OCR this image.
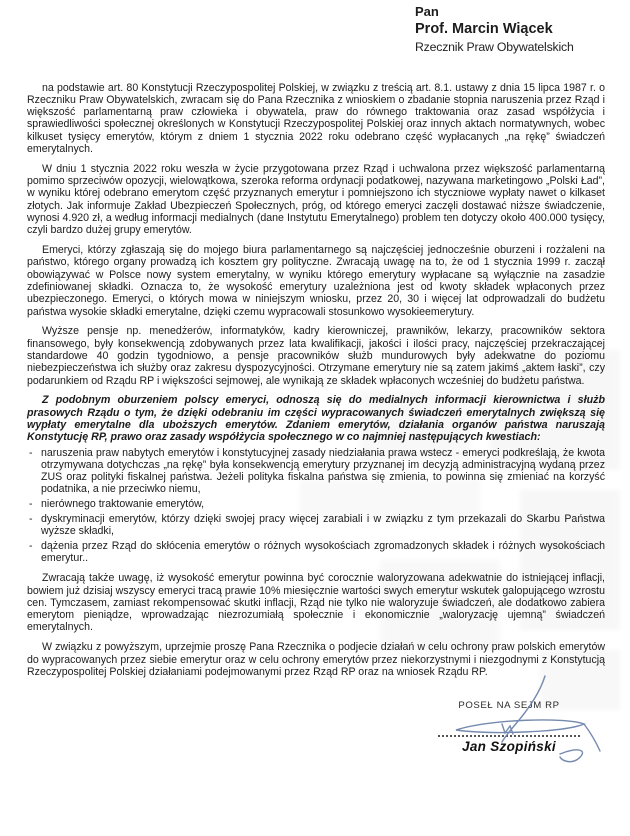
Pan
Prof. Marcin Wiącek
Rzecznik Praw Obywatelskich

na podstawie art. 80 Konstytucji Rzeczypospolitej Polskiej, w związku z treścią art. 8.1. ustawy z dnia 15 lipca 1987 r. o Rzeczniku Praw Obywatelskich, zwracam się do Pana Rzecznika z wnioskiem o zbadanie stopnia naruszenia przez Rząd i większość parlamentarną praw człowieka i obywatela, praw do równego traktowania oraz zasad współżycia i sprawiedliwości społecznej określonych w Konstytucji Rzeczypospolitej Polskiej oraz innych aktach normatywnych, wobec kilkuset tysięcy emerytów, którym z dniem 1 stycznia 2022 roku odebrano część wypłacanych „na rękę” świadczeń emerytalnych.

W dniu 1 stycznia 2022 roku weszła w życie przygotowana przez Rząd i uchwalona przez większość parlamentarną pomimo sprzeciwów opozycji, wielowątkowa, szeroka reforma ordynacji podatkowej, nazywana marketingowo „Polski Ład”, w wyniku której odebrano emerytom część przyznanych emerytur i pomniejszono ich styczniowe wypłaty nawet o kilkaset złotych. Jak informuje Zakład Ubezpieczeń Społecznych, próg, od którego emeryci zaczęli dostawać niższe świadczenie, wynosi 4.920 zł, a według informacji medialnych (dane Instytutu Emerytalnego) problem ten dotyczy około 400.000 tysięcy, czyli bardzo dużej grupy emerytów.

Emeryci, którzy zgłaszają się do mojego biura parlamentarnego są najczęściej jednocześnie oburzeni i rozżaleni na państwo, którego organy prowadzą ich kosztem gry polityczne. Zwracają uwagę na to, że od 1 stycznia 1999 r. zaczął obowiązywać w Polsce nowy system emerytalny, w wyniku którego emerytury wypłacane są wyłącznie na zasadzie zdefiniowanej składki. Oznacza to, że wysokość emerytury uzależniona jest od kwoty składek wpłaconych przez ubezpieczonego. Emeryci, o których mowa w niniejszym wniosku, przez 20, 30 i więcej lat odprowadzali do budżetu państwa wysokie składki emerytalne, dzięki czemu wypracowali stosunkowo wysokieemerytury.

Wyższe pensje np. menedżerów, informatyków, kadry kierowniczej, prawników, lekarzy, pracowników sektora finansowego, były konsekwencją zdobywanych przez lata kwalifikacji, jakości i ilości pracy, najczęściej przekraczającej standardowe 40 godzin tygodniowo, a pensje pracowników służb mundurowych były adekwatne do poziomu niebezpieczeństwa ich służby oraz zakresu dyspozycyjności. Otrzymane emerytury nie są zatem jakimś „aktem łaski”, czy podarunkiem od Rządu RP i większości sejmowej, ale wynikają ze składek wpłaconych wcześniej do budżetu państwa.

Z podobnym oburzeniem polscy emeryci, odnoszą się do medialnych informacji kierownictwa i służb prasowych Rządu o tym, że dzięki odebraniu im części wypracowanych świadczeń emerytalnych zwiększą się wypłaty emerytalne dla uboższych emerytów. Zdaniem emerytów, działania organów państwa naruszają Konstytucję RP, prawo oraz zasady współżycia społecznego w co najmniej następujących kwestiach:

- naruszenia praw nabytych emerytów i konstytucyjnej zasady niedziałania prawa wstecz - emeryci podkreślają, że kwota otrzymywana dotychczas „na rękę” była konsekwencją emerytury przyznanej im decyzją administracyjną wydaną przez ZUS oraz polityki fiskalnej państwa. Jeżeli polityka fiskalna państwa się zmienia, to powinna się zmieniać na korzyść podatnika, a nie przeciwko niemu,
- nierównego traktowanie emerytów,
- dyskryminacji emerytów, którzy dzięki swojej pracy więcej zarabiali i w związku z tym przekazali do Skarbu Państwa wyższe składki,
- dążenia przez Rząd do skłócenia emerytów o różnych wysokościach zgromadzonych składek i różnych wysokościach emerytur..

Zwracają także uwagę, iż wysokość emerytur powinna być corocznie waloryzowana adekwatnie do istniejącej inflacji, bowiem już dzisiaj wszyscy emeryci tracą prawie 10% miesięcznie wartości swych emerytur wskutek galopującego wzrostu cen. Tymczasem, zamiast rekompensować skutki inflacji, Rząd nie tylko nie waloryzuje świadczeń, ale dodatkowo zabiera emerytom pieniądze, wprowadzając niezrozumiałą społecznie i ekonomicznie „waloryzację ujemną” świadczeń emerytalnych.

W związku z powyższym, uprzejmie proszę Pana Rzecznika o podjecie działań w celu ochrony praw polskich emerytów do wypracowanych przez siebie emerytur oraz w celu ochrony emerytów przez niekorzystnymi i niezgodnymi z Konstytucją Rzeczypospolitej Polskiej działaniami podejmowanymi przez Rząd RP oraz na wniosek Rządu RP.

POSEŁ NA SEJM RP
Jan Szopiński
